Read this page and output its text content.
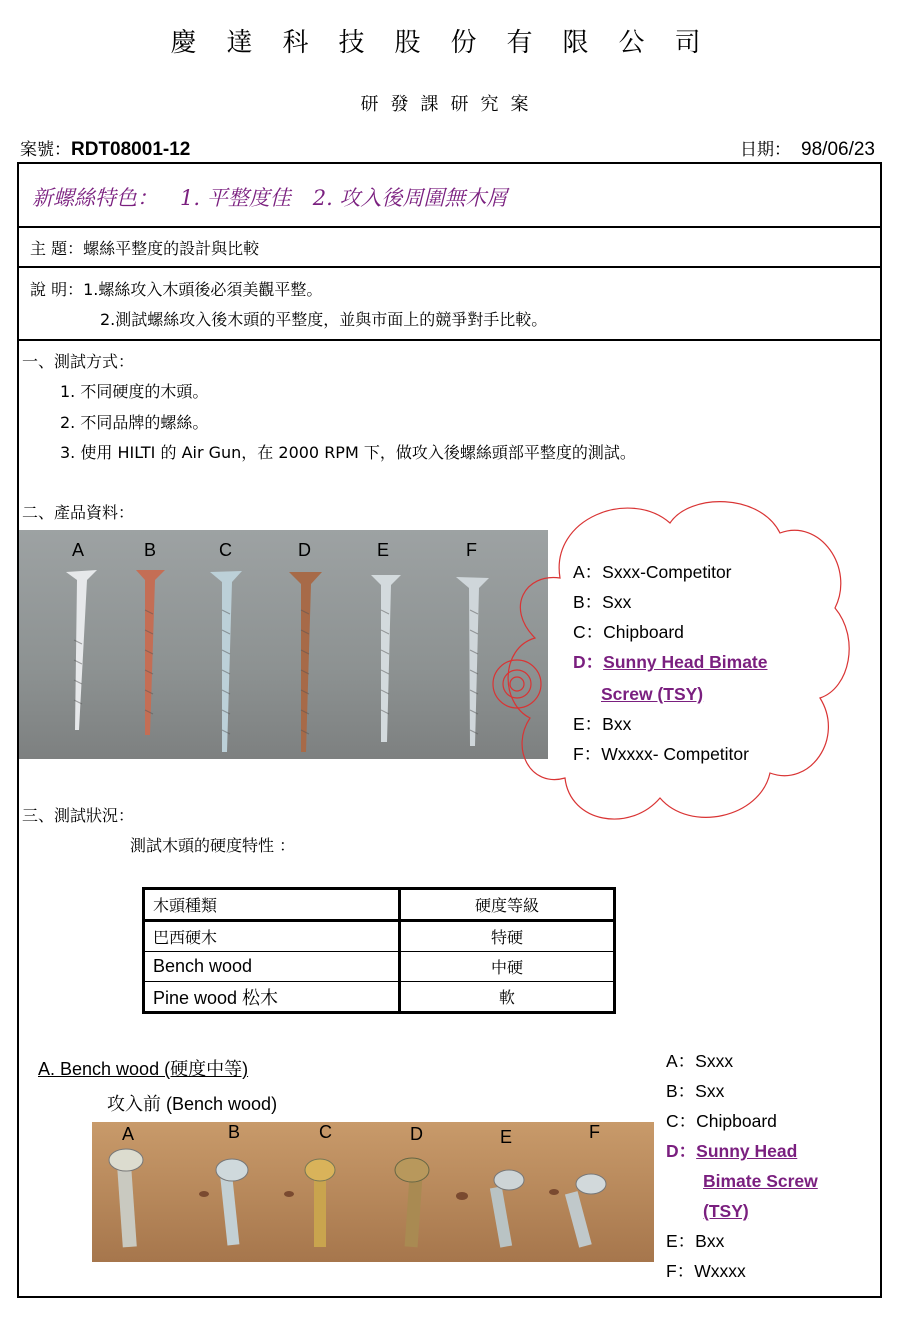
慶達科技股份有限公司
研發課研究案
案號：RDT08001-12	日期： 98/06/23
新螺絲特色： 1. 平整度佳 2. 攻入後周圍無木屑
主 題：螺絲平整度的設計與比較
說 明：1.螺絲攻入木頭後必須美觀平整。
2.測試螺絲攻入後木頭的平整度，並與市面上的競爭對手比較。
一、測試方式：
1. 不同硬度的木頭。
2. 不同品牌的螺絲。
3. 使用 HILTI 的 Air Gun，在 2000 RPM 下，做攻入後螺絲頭部平整度的測試。
二、產品資料：
A	B	C	D	E	F
A：Sxxx-Competitor
B：Sxx
C：Chipboard
D：Sunny Head Bimate
Screw (TSY)
E：Bxx
F：Wxxxx- Competitor
三、測試狀況：
測試木頭的硬度特性 ：
木頭種類	硬度等級
巴西硬木	特硬
Bench wood	中硬
Pine wood 松木	軟
A. Bench wood (硬度中等)
攻入前 (Bench wood)
A	B	C	D	E	F
A：Sxxx
B：Sxx
C：Chipboard
D：Sunny Head
Bimate Screw
(TSY)
E：Bxx
F：Wxxxx
